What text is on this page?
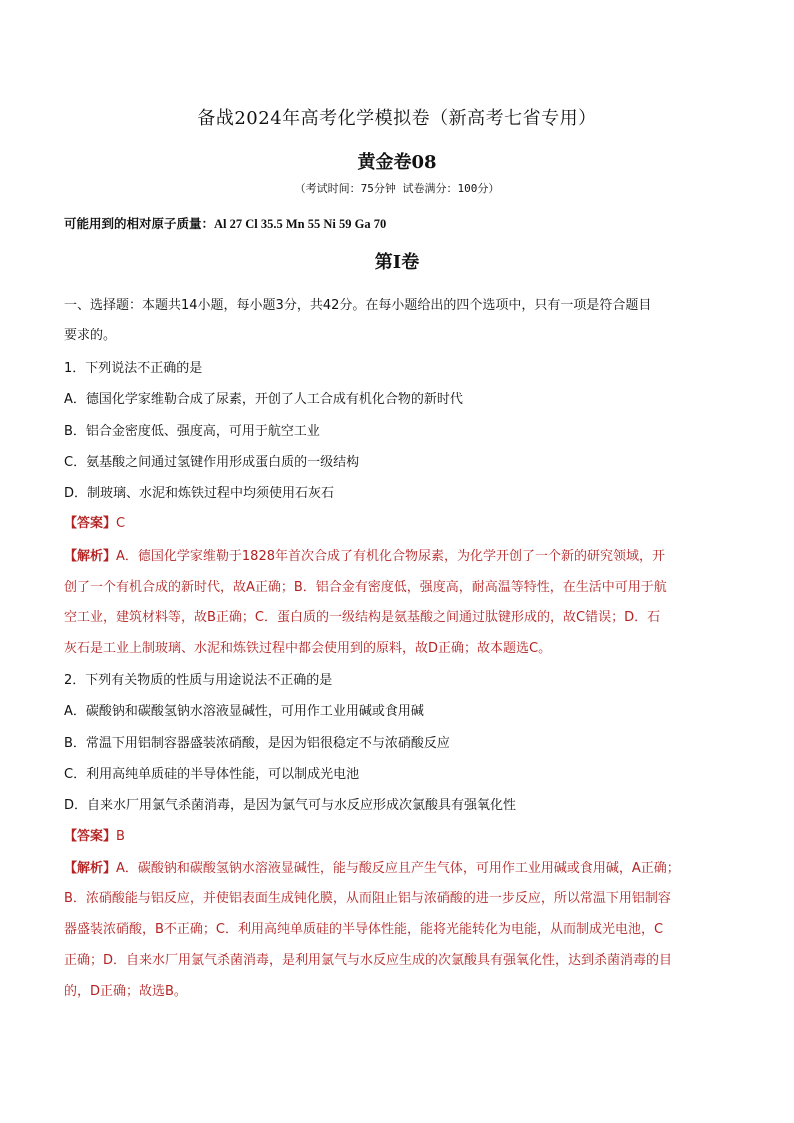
备战2024年高考化学模拟卷（新高考七省专用）
黄金卷08
（考试时间：75分钟 试卷满分：100分）
可能用到的相对原子质量：Al 27 Cl 35.5 Mn 55 Ni 59 Ga 70
第I卷
一、选择题：本题共14小题，每小题3分，共42分。在每小题给出的四个选项中，只有一项是符合题目
要求的。
1．下列说法不正确的是
A．德国化学家维勒合成了尿素，开创了人工合成有机化合物的新时代
B．铝合金密度低、强度高，可用于航空工业
C．氨基酸之间通过氢键作用形成蛋白质的一级结构
D．制玻璃、水泥和炼铁过程中均须使用石灰石
【答案】C
【解析】A．德国化学家维勒于1828年首次合成了有机化合物尿素，为化学开创了一个新的研究领域，开
创了一个有机合成的新时代，故A正确；B．铝合金有密度低，强度高，耐高温等特性，在生活中可用于航
空工业，建筑材料等，故B正确；C．蛋白质的一级结构是氨基酸之间通过肽键形成的，故C错误；D．石
灰石是工业上制玻璃、水泥和炼铁过程中都会使用到的原料，故D正确；故本题选C。
2．下列有关物质的性质与用途说法不正确的是
A．碳酸钠和碳酸氢钠水溶液显碱性，可用作工业用碱或食用碱
B．常温下用铝制容器盛装浓硝酸，是因为铝很稳定不与浓硝酸反应
C．利用高纯单质硅的半导体性能，可以制成光电池
D．自来水厂用氯气杀菌消毒，是因为氯气可与水反应形成次氯酸具有强氧化性
【答案】B
【解析】A．碳酸钠和碳酸氢钠水溶液显碱性，能与酸反应且产生气体，可用作工业用碱或食用碱，A正确；
B．浓硝酸能与铝反应，并使铝表面生成钝化膜，从而阻止铝与浓硝酸的进一步反应，所以常温下用铝制容
器盛装浓硝酸，B不正确；C．利用高纯单质硅的半导体性能，能将光能转化为电能，从而制成光电池，C
正确；D．自来水厂用氯气杀菌消毒，是利用氯气与水反应生成的次氯酸具有强氧化性，达到杀菌消毒的目
的，D正确；故选B。
